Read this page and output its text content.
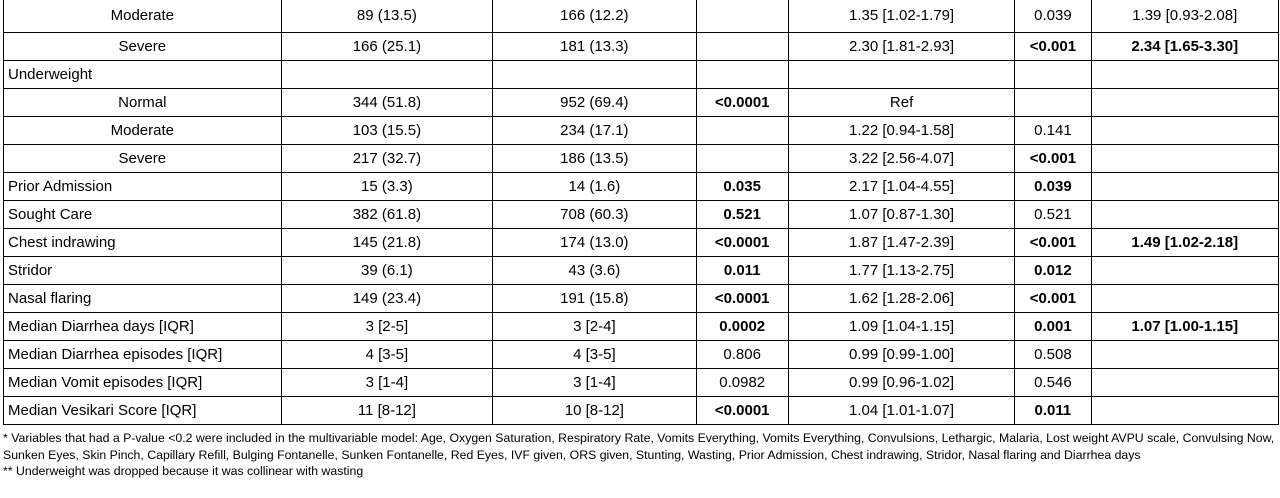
Moderate	89 (13.5)	166 (12.2)		1.35 [1.02-1.79]	0.039	1.39 [0.93-2.08]
Severe	166 (25.1)	181 (13.3)		2.30 [1.81-2.93]	<0.001	2.34 [1.65-3.30]
Underweight						
Normal	344 (51.8)	952 (69.4)	<0.0001	Ref		
Moderate	103 (15.5)	234 (17.1)		1.22 [0.94-1.58]	0.141	
Severe	217 (32.7)	186 (13.5)		3.22 [2.56-4.07]	<0.001	
Prior Admission	15 (3.3)	14 (1.6)	0.035	2.17 [1.04-4.55]	0.039	
Sought Care	382 (61.8)	708 (60.3)	0.521	1.07 [0.87-1.30]	0.521	
Chest indrawing	145 (21.8)	174 (13.0)	<0.0001	1.87 [1.47-2.39]	<0.001	1.49 [1.02-2.18]
Stridor	39 (6.1)	43 (3.6)	0.011	1.77 [1.13-2.75]	0.012	
Nasal flaring	149 (23.4)	191 (15.8)	<0.0001	1.62 [1.28-2.06]	<0.001	
Median Diarrhea days [IQR]	3 [2-5]	3 [2-4]	0.0002	1.09 [1.04-1.15]	0.001	1.07 [1.00-1.15]
Median Diarrhea episodes [IQR]	4 [3-5]	4 [3-5]	0.806	0.99 [0.99-1.00]	0.508	
Median Vomit episodes [IQR]	3 [1-4]	3 [1-4]	0.0982	0.99 [0.96-1.02]	0.546	
Median Vesikari Score [IQR]	11 [8-12]	10 [8-12]	<0.0001	1.04 [1.01-1.07]	0.011	
* Variables that had a P-value <0.2 were included in the multivariable model: Age, Oxygen Saturation, Respiratory Rate, Vomits Everything, Vomits Everything, Convulsions, Lethargic, Malaria, Lost weight AVPU scale, Convulsing Now, Sunken Eyes, Skin Pinch, Capillary Refill, Bulging Fontanelle, Sunken Fontanelle, Red Eyes, IVF given, ORS given, Stunting, Wasting, Prior Admission, Chest indrawing, Stridor, Nasal flaring and Diarrhea days
** Underweight was dropped because it was collinear with wasting
